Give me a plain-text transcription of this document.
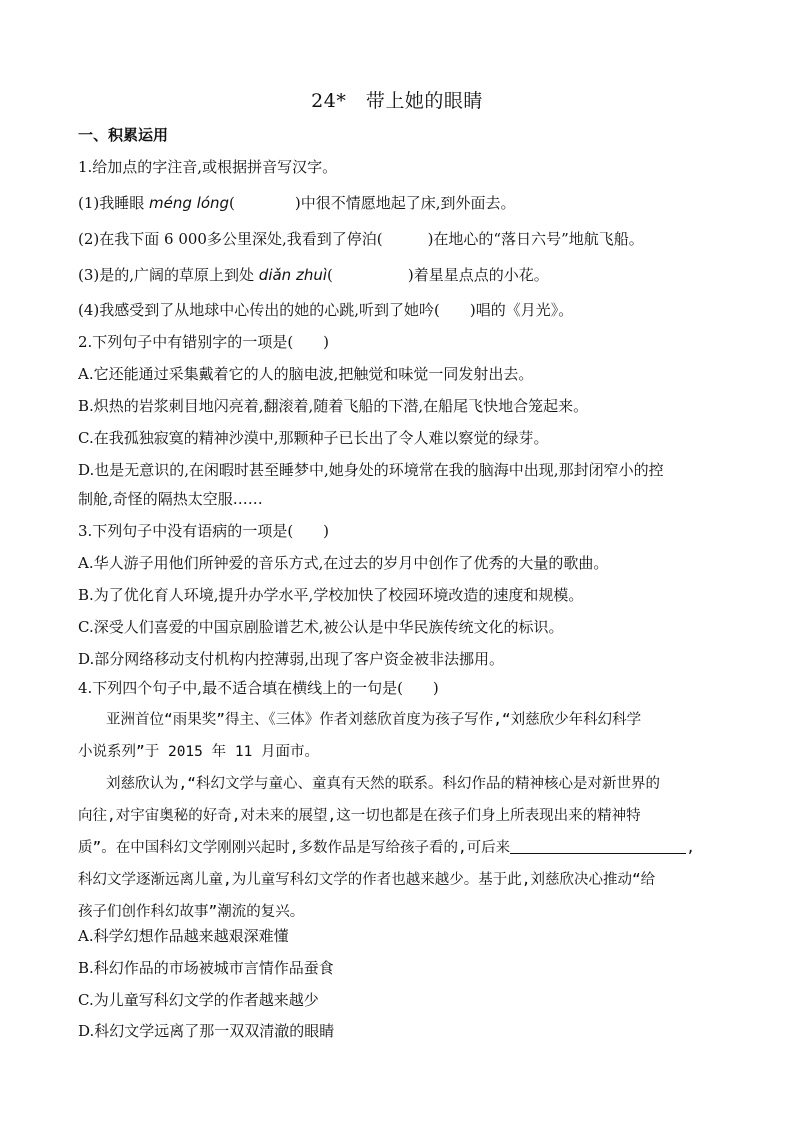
24*　带上她的眼睛
一、积累运用
1.给加点的字注音,或根据拼音写汉字。
(1)我睡眼 méng lóng(　　　　)中很不情愿地起了床,到外面去。
(2)在我下面 6 000多公里深处,我看到了停泊(　　　)在地心的“落日六号”地航飞船。
(3)是的,广阔的草原上到处 diǎn zhuì(　　　　　)着星星点点的小花。
(4)我感受到了从地球中心传出的她的心跳,听到了她吟(　　)唱的《月光》。
2.下列句子中有错别字的一项是(　　)
A.它还能通过采集戴着它的人的脑电波,把触觉和味觉一同发射出去。
B.炽热的岩浆刺目地闪亮着,翻滚着,随着飞船的下潜,在船尾飞快地合笼起来。
C.在我孤独寂寞的精神沙漠中,那颗种子已长出了令人难以察觉的绿芽。
D.也是无意识的,在闲暇时甚至睡梦中,她身处的环境常在我的脑海中出现,那封闭窄小的控
制舱,奇怪的隔热太空服……
3.下列句子中没有语病的一项是(　　)
A.华人游子用他们所钟爱的音乐方式,在过去的岁月中创作了优秀的大量的歌曲。
B.为了优化育人环境,提升办学水平,学校加快了校园环境改造的速度和规模。
C.深受人们喜爱的中国京剧脸谱艺术,被公认是中华民族传统文化的标识。
D.部分网络移动支付机构内控薄弱,出现了客户资金被非法挪用。
4.下列四个句子中,最不适合填在横线上的一句是(　　)
亚洲首位“雨果奖”得主、《三体》作者刘慈欣首度为孩子写作,“刘慈欣少年科幻科学
小说系列”于 2015 年 11 月面市。
刘慈欣认为,“科幻文学与童心、童真有天然的联系。科幻作品的精神核心是对新世界的
向往,对宇宙奥秘的好奇,对未来的展望,这一切也都是在孩子们身上所表现出来的精神特
质”。在中国科幻文学刚刚兴起时,多数作品是写给孩子看的,可后来	,
科幻文学逐渐远离儿童,为儿童写科幻文学的作者也越来越少。基于此,刘慈欣决心推动“给
孩子们创作科幻故事”潮流的复兴。
A.科学幻想作品越来越艰深难懂
B.科幻作品的市场被城市言情作品蚕食
C.为儿童写科幻文学的作者越来越少
D.科幻文学远离了那一双双清澈的眼睛
